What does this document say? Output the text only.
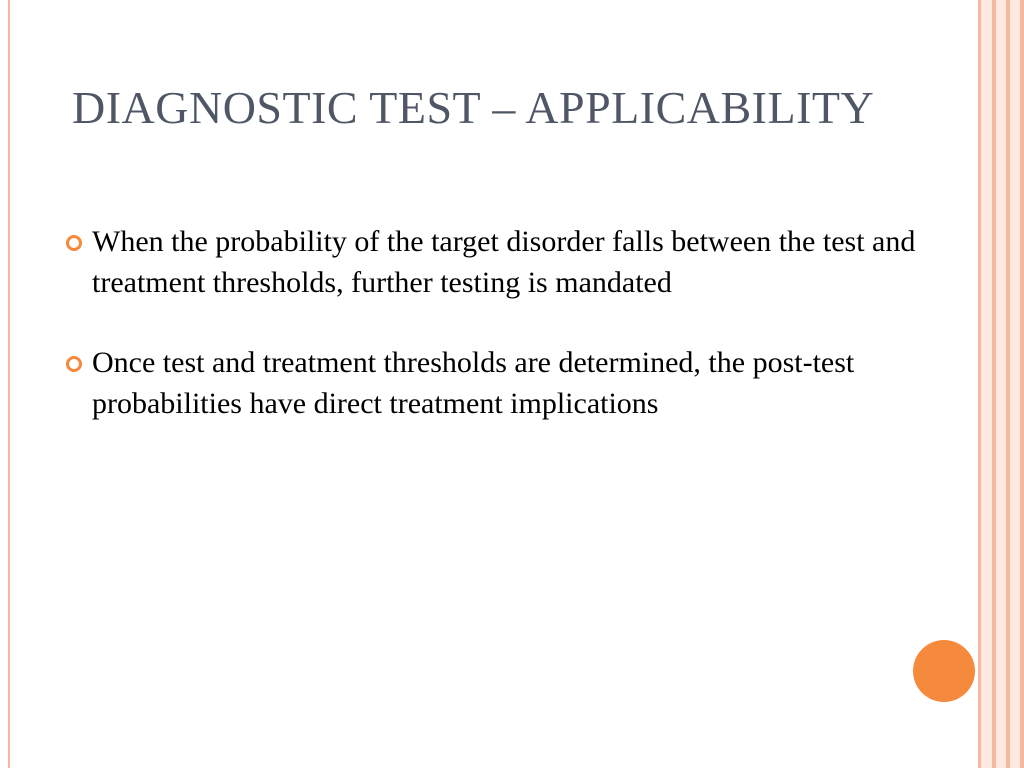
DIAGNOSTIC TEST – APPLICABILITY
When the probability of the target disorder falls between the test and treatment thresholds, further testing is mandated
Once test and treatment thresholds are determined, the post-test probabilities have direct treatment implications
